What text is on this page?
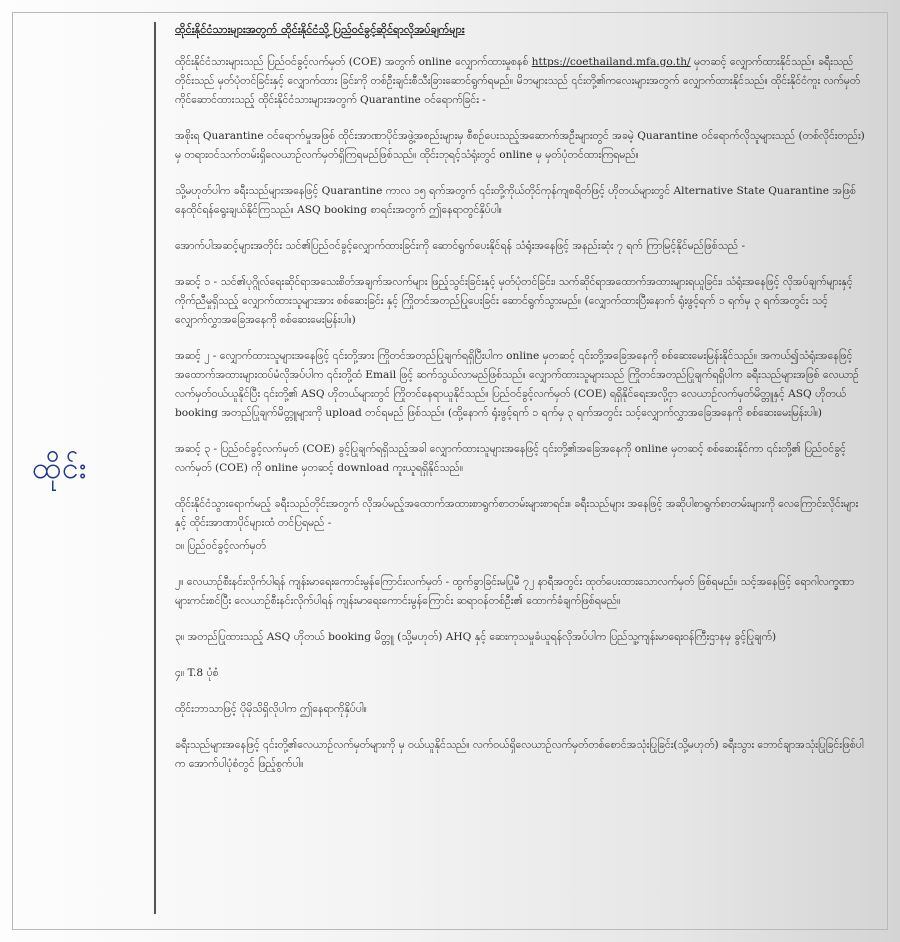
ထိုင်း

ထိုင်းနိုင်ငံသားများအတွက် ထိုင်းနိုင်ငံသို့ ပြည်ဝင်ခွင့်ဆိုင်ရာလိုအပ်ချက်များ

ထိုင်းနိုင်ငံသားများသည် ပြည်ဝင်ခွင့်လက်မှတ် (COE) အတွက် online လျှောက်ထားမှုစနစ် https://coethailand.mfa.go.th/ မှတဆင့် လျှောက်ထားနိုင်သည်။ ခရီးသည်တိုင်းသည် မှတ်ပုံတင်ခြင်းနှင့် လျှောက်ထား ခြင်းကို တစ်ဦးချင်းစီသီးခြားဆောင်ရွက်ရမည်။ မိဘများသည် ၎င်းတို့၏ကလေးများအတွက် လျှောက်ထားနိုင်သည်။ ထိုင်းနိုင်ငံကူး လက်မှတ်ကိုင်ဆောင်ထားသည့် ထိုင်းနိုင်ငံသားများအတွက် Quarantine ဝင်ရောက်ခြင်း -

အစိုးရ Quarantine ဝင်ရောက်မှုအဖြစ် ထိုင်းအာဏာပိုင်အဖွဲ့အစည်းများမှ စီစဉ်ပေးသည့်အဆောက်အဦးများတွင် အခမဲ့ Quarantine ဝင်ရောက်လိုသူများသည် (တစ်လိုင်းတည်း) မှ တရားဝင်သက်တမ်းရှိလေယာဉ်လက်မှတ်ရှိကြရမည်ဖြစ်သည်။ ထိုင်းဘုရင့်သံရုံးတွင် online မှ မှတ်ပုံတင်ထားကြရမည်။

သို့မဟုတ်ပါက ခရီးသည်များအနေဖြင့် Quarantine ကာလ ၁၅ ရက်အတွက် ၎င်းတို့ကိုယ်တိုင်ကုန်ကျစရိတ်ဖြင့် ဟိုတယ်များတွင် Alternative State Quarantine အဖြစ် နေထိုင်ရန်ရွေးချယ်နိုင်ကြသည်။ ASQ booking စာရင်းအတွက် ဤနေရာတွင်နှိပ်ပါ။

အောက်ပါအဆင့်များအတိုင်း သင်၏ပြည်ဝင်ခွင့်လျှောက်ထားခြင်းကို ဆောင်ရွက်ပေးနိုင်ရန် သံရုံးအနေဖြင့် အနည်းဆုံး ၇ ရက် ကြာမြင့်နိုင်မည်ဖြစ်သည် -

အဆင့် ၁ - သင်၏ပုဂ္ဂိုလ်ရေးဆိုင်ရာအသေးစိတ်အချက်အလက်များ ဖြည့်သွင်းခြင်းနှင့် မှတ်ပုံတင်ခြင်း၊ သက်ဆိုင်ရာအထောက်အထားများရယူခြင်း၊ သံရုံးအနေဖြင့် လိုအပ်ချက်များနှင့် ကိုက်ညီမှုရှိသည့် လျှောက်ထားသူများအား စစ်ဆေးခြင်း နှင့် ကြိုတင်အတည်ပြုပေးခြင်း ဆောင်ရွက်သွားမည်။ (လျှောက်ထားပြီးနောက် ရုံးဖွင့်ရက် ၁ ရက်မှ ၃ ရက်အတွင်း သင့်လျှောက်လွှာအခြေအနေကို စစ်ဆေးမေးမြန်းပါ။)

အဆင့် ၂ - လျှောက်ထားသူများအနေဖြင့် ၎င်းတို့အား ကြိုတင်အတည်ပြုချက်ရရှိပြီးပါက online မှတဆင့် ၎င်းတို့အခြေအနေကို စစ်ဆေးမေးမြန်းနိုင်သည်။ အကယ်၍သံရုံးအနေဖြင့် အထောက်အထားများထပ်မံလိုအပ်ပါက ၎င်းတို့ထံ Email ဖြင့် ဆက်သွယ်လာမည်ဖြစ်သည်။ လျှောက်ထားသူများသည် ကြိုတင်အတည်ပြုချက်ရရှိပါက ခရီးသည်များအဖြစ် လေယာဉ်လက်မှတ်ဝယ်ယူနိုင်ပြီး ၎င်းတို့၏ ASQ ဟိုတယ်များတွင် ကြိုတင်နေရာယူနိုင်သည်။ ပြည်ဝင်ခွင့်လက်မှတ် (COE) ရရှိနိုင်ရေးအလို့ငှာ လေယာဉ်လက်မှတ်မိတ္တူနှင့် ASQ ဟိုတယ် booking အတည်ပြုချက်မိတ္တူများကို upload တင်ရမည် ဖြစ်သည်။ (ထို့နောက် ရုံးဖွင့်ရက် ၁ ရက်မှ ၃ ရက်အတွင်း သင့်လျှောက်လွှာအခြေအနေကို စစ်ဆေးမေးမြန်းပါ။)

အဆင့် ၃ - ပြည်ဝင်ခွင့်လက်မှတ် (COE) ခွင့်ပြုချက်ရရှိသည့်အခါ လျှောက်ထားသူများအနေဖြင့် ၎င်းတို့၏အခြေအနေကို online မှတဆင့် စစ်ဆေးနိုင်ကာ ၎င်းတို့၏ ပြည်ဝင်ခွင့်လက်မှတ် (COE) ကို online မှတဆင့် download ကူးယူရရှိနိုင်သည်။

ထိုင်းနိုင်ငံသွားရောက်မည့် ခရီးသည်တိုင်းအတွက် လိုအပ်မည့်အထောက်အထားစာရွက်စာတမ်းများစာရင်း။ ခရီးသည်များ အနေဖြင့် အဆိုပါစာရွက်စာတမ်းများကို လေကြောင်းလိုင်းများနှင့် ထိုင်းအာဏာပိုင်များထံ တင်ပြရမည် -

၁။ ပြည်ဝင်ခွင့်လက်မှတ်

၂။ လေယာဉ်စီးနင်းလိုက်ပါရန် ကျန်းမာရေးကောင်းမွန်ကြောင်းလက်မှတ် - ထွက်ခွာခြင်းမပြုမီ ၇၂ နာရီအတွင်း ထုတ်ပေးထားသောလက်မှတ် ဖြစ်ရမည်။ သင့်အနေဖြင့် ရောဂါလက္ခဏာများကင်းစင်ပြီး လေယာဉ်စီးနင်းလိုက်ပါရန် ကျန်းမာရေးကောင်းမွန်ကြောင်း ဆရာဝန်တစ်ဦး၏ ထောက်ခံချက်ဖြစ်ရမည်။

၃။ အတည်ပြုထားသည့် ASQ ဟိုတယ် booking မိတ္တူ (သို့မဟုတ်) AHQ နှင့် ဆေးကုသမှုခံယူရန်လိုအပ်ပါက ပြည်သူ့ကျန်းမာရေးဝန်ကြီးဌာနမှ ခွင့်ပြုချက်)

၄။ T.8 ပုံစံ

ထိုင်းဘာသာဖြင့် ပိုမိုသိရှိလိုပါက ဤနေရာကိုနှိပ်ပါ။

ခရီးသည်များအနေဖြင့် ၎င်းတို့၏လေယာဉ်လက်မှတ်များကို မှ ဝယ်ယူနိုင်သည်။ လက်ဝယ်ရှိလေယာဉ်လက်မှတ်တစ်စောင်အသုံးပြုခြင်း(သို့မဟုတ်) ခရီးသွား ဘောင်ချာအသုံးပြုခြင်းဖြစ်ပါက အောက်ပါပုံစံတွင် ဖြည့်စွက်ပါ။
